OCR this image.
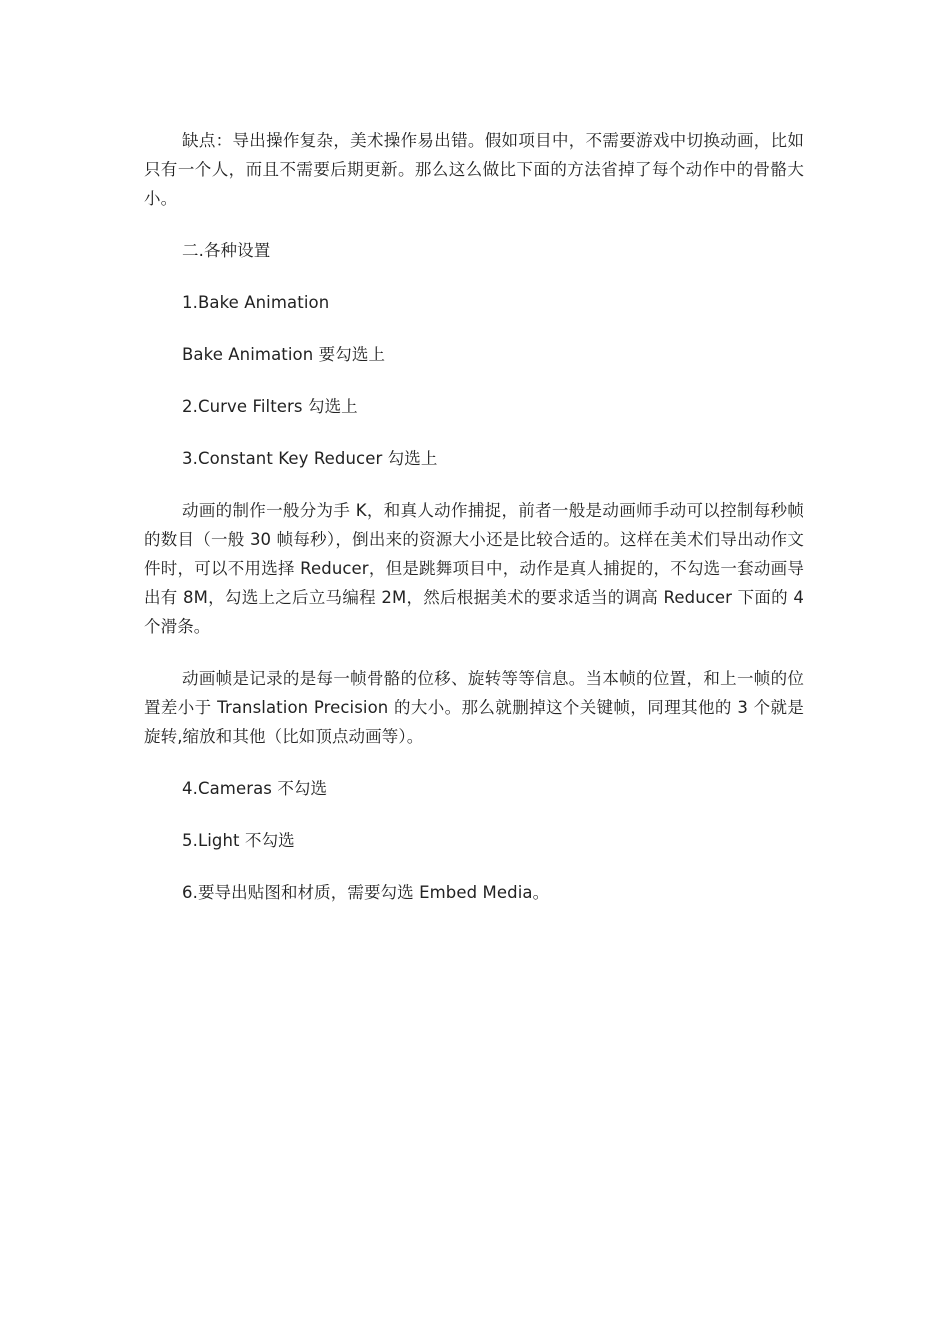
缺点：导出操作复杂，美术操作易出错。假如项目中，不需要游戏中切换动画，比如只有一个人，而且不需要后期更新。那么这么做比下面的方法省掉了每个动作中的骨骼大小。

二.各种设置

1.Bake Animation

Bake Animation 要勾选上

2.Curve Filters 勾选上

3.Constant Key Reducer 勾选上

动画的制作一般分为手 K，和真人动作捕捉，前者一般是动画师手动可以控制每秒帧的数目（一般 30 帧每秒），倒出来的资源大小还是比较合适的。这样在美术们导出动作文件时，可以不用选择 Reducer，但是跳舞项目中，动作是真人捕捉的，不勾选一套动画导出有 8M，勾选上之后立马编程 2M，然后根据美术的要求适当的调高 Reducer 下面的 4 个滑条。

动画帧是记录的是每一帧骨骼的位移、旋转等等信息。当本帧的位置，和上一帧的位置差小于 Translation Precision 的大小。那么就删掉这个关键帧，同理其他的 3 个就是旋转,缩放和其他（比如顶点动画等）。

4.Cameras 不勾选

5.Light 不勾选

6.要导出贴图和材质，需要勾选 Embed Media。
